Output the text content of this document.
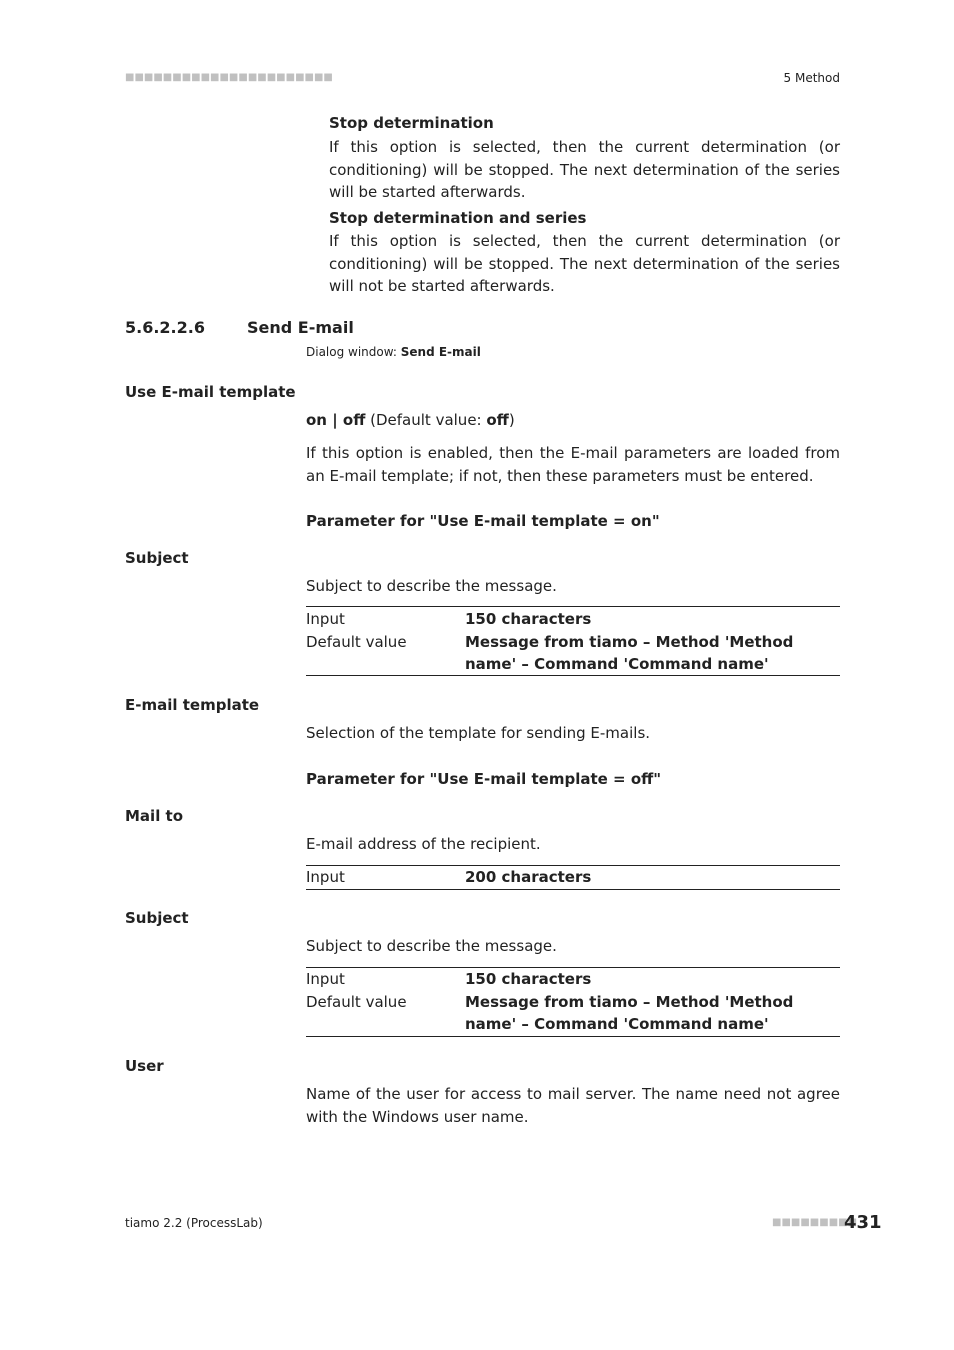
■■■■■■■■■■■■■■■■■■■■■■	5 Method
Stop determination
If this option is selected, then the current determination (or conditioning) will be stopped. The next determination of the series will be started afterwards.
Stop determination and series
If this option is selected, then the current determination (or conditioning) will be stopped. The next determination of the series will not be started afterwards.
5.6.2.2.6	Send E-mail
Dialog window: Send E-mail
Use E-mail template
on | off (Default value: off)
If this option is enabled, then the E-mail parameters are loaded from an E-mail template; if not, then these parameters must be entered.
Parameter for "Use E-mail template = on"
Subject
Subject to describe the message.
Input	150 characters
Default value	Message from tiamo – Method 'Method name' – Command 'Command name'
E-mail template
Selection of the template for sending E-mails.
Parameter for "Use E-mail template = off"
Mail to
E-mail address of the recipient.
Input	200 characters
Subject
Subject to describe the message.
Input	150 characters
Default value	Message from tiamo – Method 'Method name' – Command 'Command name'
User
Name of the user for access to mail server. The name need not agree with the Windows user name.
tiamo 2.2 (ProcessLab)	■■■■■■■■■
431
